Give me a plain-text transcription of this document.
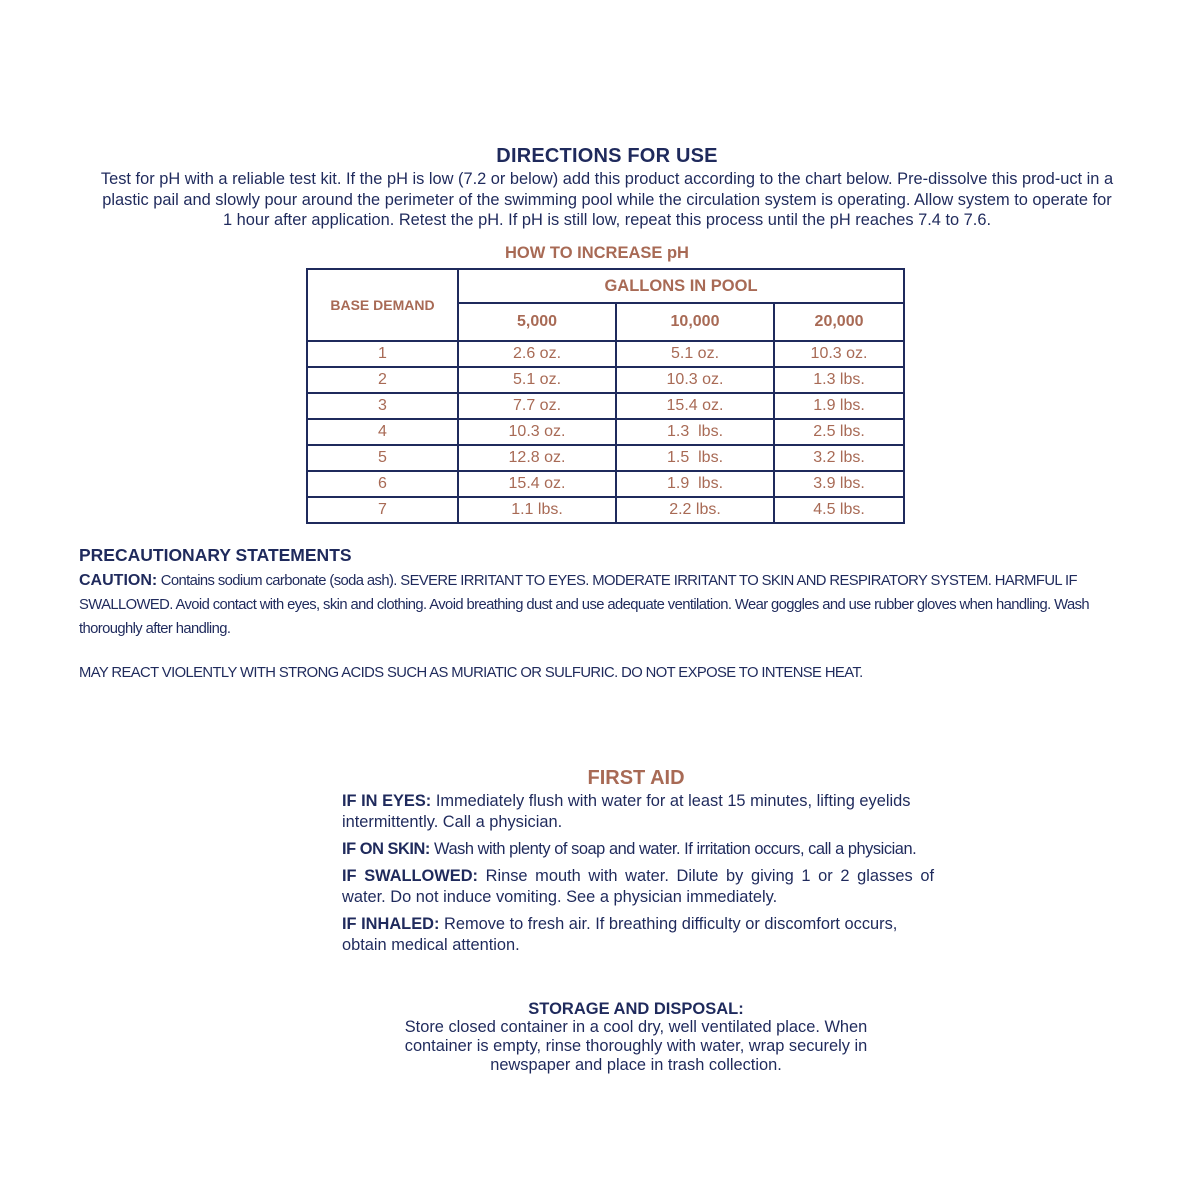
DIRECTIONS FOR USE
Test for pH with a reliable test kit. If the pH is low (7.2 or below) add this product according to the chart below. Pre-dissolve this prod-uct in a plastic pail and slowly pour around the perimeter of the swimming pool while the circulation system is operating. Allow system to operate for 1 hour after application. Retest the pH. If pH is still low, repeat this process until the pH reaches 7.4 to 7.6.
HOW TO INCREASE pH
BASE DEMAND	GALLONS IN POOL		
	5,000	10,000	20,000
1	2.6 oz.	5.1 oz.	10.3 oz.
2	5.1 oz.	10.3 oz.	1.3 lbs.
3	7.7 oz.	15.4 oz.	1.9 lbs.
4	10.3 oz.	1.3  lbs.	2.5 lbs.
5	12.8 oz.	1.5  lbs.	3.2 lbs.
6	15.4 oz.	1.9  lbs.	3.9 lbs.
7	1.1 lbs.	2.2 lbs.	4.5 lbs.
PRECAUTIONARY STATEMENTS
CAUTION: Contains sodium carbonate (soda ash). SEVERE IRRITANT TO EYES. MODERATE IRRITANT TO SKIN AND RESPIRATORY SYSTEM. HARMFUL IF SWALLOWED. Avoid contact with eyes, skin and clothing. Avoid breathing dust and use adequate ventilation. Wear goggles and use rubber gloves when handling. Wash thoroughly after handling.
MAY REACT VIOLENTLY WITH STRONG ACIDS SUCH AS MURIATIC OR SULFURIC. DO NOT EXPOSE TO INTENSE HEAT.
FIRST AID
IF IN EYES: Immediately flush with water for at least 15 minutes, lifting eyelids intermittently. Call a physician.
IF ON SKIN: Wash with plenty of soap and water. If irritation occurs, call a physician.
IF SWALLOWED: Rinse mouth with water. Dilute by giving 1 or 2 glasses of water. Do not induce vomiting. See a physician immediately.
IF INHALED: Remove to fresh air. If breathing difficulty or discomfort occurs, obtain medical attention.
STORAGE AND DISPOSAL:
Store closed container in a cool dry, well ventilated place. When container is empty, rinse thoroughly with water, wrap securely in newspaper and place in trash collection.
